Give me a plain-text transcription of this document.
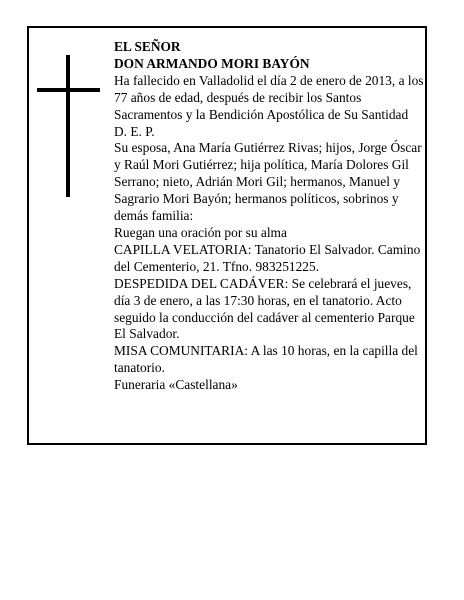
EL SEÑOR

DON ARMANDO MORI BAYÓN

Ha fallecido en Valladolid el día 2 de enero de 2013, a los 77 años de edad, después de recibir los Santos Sacramentos y la Bendición Apostólica de Su Santidad

D. E. P.

Su esposa, Ana María Gutiérrez Rivas; hijos, Jorge Óscar y Raúl Mori Gutiérrez; hija política, María Dolores Gil Serrano; nieto, Adrián Mori Gil; hermanos, Manuel y Sagrario Mori Bayón; hermanos políticos, sobrinos y demás familia:

Ruegan una oración por su alma

CAPILLA VELATORIA: Tanatorio El Salvador. Camino del Cementerio, 21. Tfno. 983251225.

DESPEDIDA DEL CADÁVER: Se celebrará el jueves, día 3 de enero, a las 17:30 horas, en el tanatorio. Acto seguido la conducción del cadáver al cementerio Parque El Salvador.

MISA COMUNITARIA: A las 10 horas, en la capilla del tanatorio.

Funeraria «Castellana»
